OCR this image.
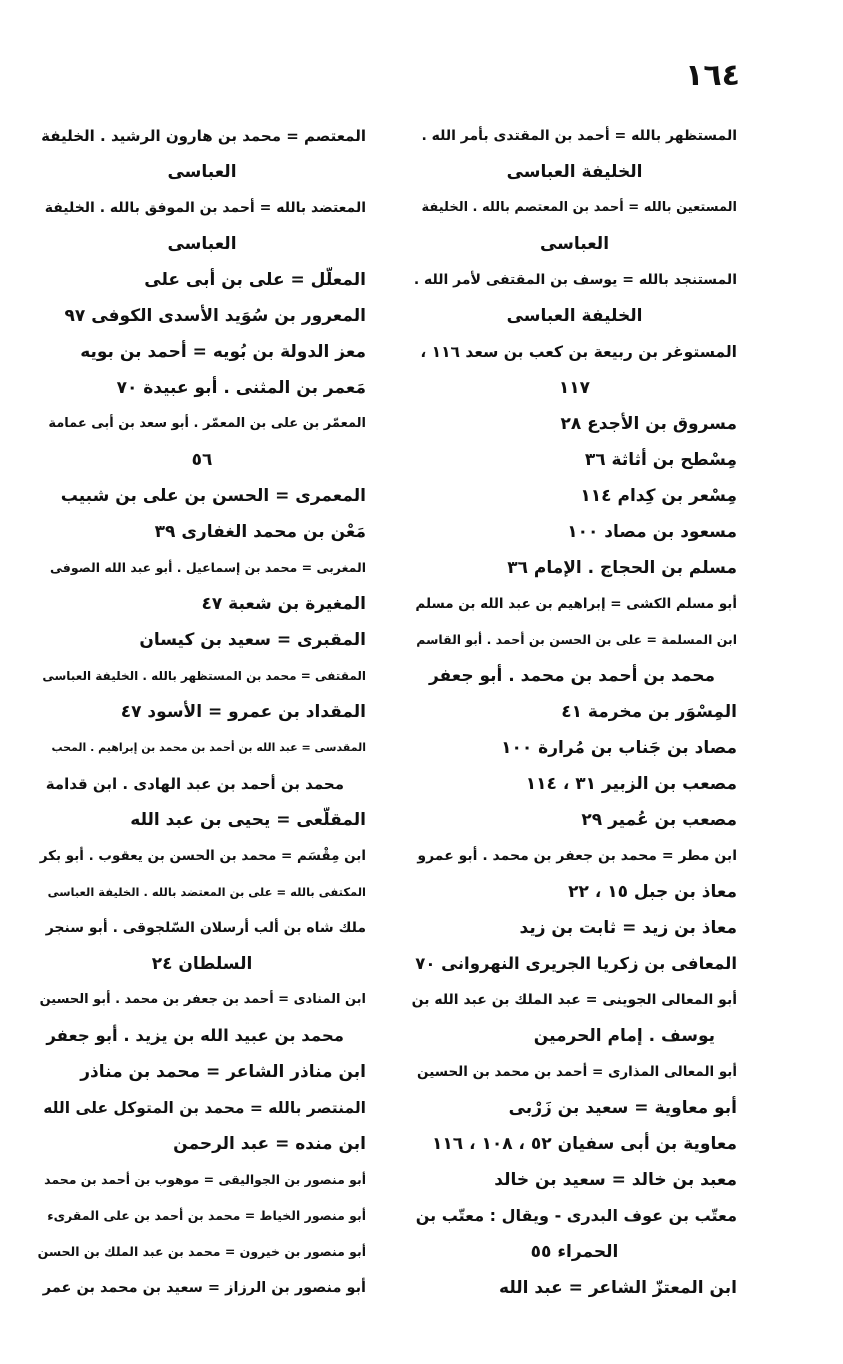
١٦٤
المستظهر بالله = أحمد بن المقتدى بأمر الله .
الخليفة العباسى
المستعين بالله = أحمد بن المعتصم بالله . الخليفة
العباسى
المستنجد بالله = يوسف بن المقتفى لأمر الله .
الخليفة العباسى
المستوغر بن ربيعة بن كعب بن سعد ١١٦ ،
١١٧
مسروق بن الأجدع ٢٨
مِسْطح بن أثاثة ٣٦
مِسْعر بن كِدام ١١٤
مسعود بن مصاد ١٠٠
مسلم بن الحجاج . الإمام ٣٦
أبو مسلم الكشى = إبراهيم بن عبد الله بن مسلم
ابن المسلمة = على بن الحسن بن أحمد . أبو القاسم
محمد بن أحمد بن محمد . أبو جعفر
المِسْوَر بن مخرمة ٤١
مصاد بن جَناب بن مُرارة ١٠٠
مصعب بن الزبير ٣١ ، ١١٤
مصعب بن عُمير ٢٩
ابن مطر = محمد بن جعفر بن محمد . أبو عمرو
معاذ بن جبل ١٥ ، ٢٢
معاذ بن زيد = ثابت بن زيد
المعافى بن زكريا الجريرى النهروانى ٧٠
أبو المعالى الجوينى = عبد الملك بن عبد الله بن
يوسف . إمام الحرمين
أبو المعالى المذارى = أحمد بن محمد بن الحسين
أبو معاوية = سعيد بن زَرْبى
معاوية بن أبى سفيان ٥٢ ، ١٠٨ ، ١١٦
معبد بن خالد = سعيد بن خالد
معتّب بن عوف البدرى - ويقال : معتّب بن
الحمراء ٥٥
ابن المعتزّ الشاعر = عبد الله
المعتصم = محمد بن هارون الرشيد . الخليفة
العباسى
المعتضد بالله = أحمد بن الموفق بالله . الخليفة
العباسى
المعلّل = على بن أبى على
المعرور بن سُوَيد الأسدى الكوفى ٩٧
معز الدولة بن بُويه = أحمد بن بويه
مَعمر بن المثنى . أبو عبيدة ٧٠
المعمّر بن على بن المعمّر . أبو سعد بن أبى عمامة
٥٦
المعمرى = الحسن بن على بن شبيب
مَعْن بن محمد الغفارى ٣٩
المغربى = محمد بن إسماعيل . أبو عبد الله الصوفى
المغيرة بن شعبة ٤٧
المقبرى = سعيد بن كيسان
المقتفى = محمد بن المستظهر بالله . الخليفة العباسى
المقداد بن عمرو = الأسود ٤٧
المقدسى = عبد الله بن أحمد بن محمد بن إبراهيم . المحب
محمد بن أحمد بن عبد الهادى . ابن قدامة
المقلّعى = يحيى بن عبد الله
ابن مِقْسَم = محمد بن الحسن بن يعقوب . أبو بكر
المكتفى بالله = على بن المعتضد بالله . الخليفة العباسى
ملك شاه بن ألب أرسلان السّلجوقى . أبو سنجر
السلطان ٢٤
ابن المنادى = أحمد بن جعفر بن محمد . أبو الحسين
محمد بن عبيد الله بن يزيد . أبو جعفر
ابن مناذر الشاعر = محمد بن مناذر
المنتصر بالله = محمد بن المتوكل على الله
ابن منده = عبد الرحمن
أبو منصور بن الجواليقى = موهوب بن أحمد بن محمد
أبو منصور الخياط = محمد بن أحمد بن على المقرىء
أبو منصور بن خيرون = محمد بن عبد الملك بن الحسن
أبو منصور بن الرزاز = سعيد بن محمد بن عمر
